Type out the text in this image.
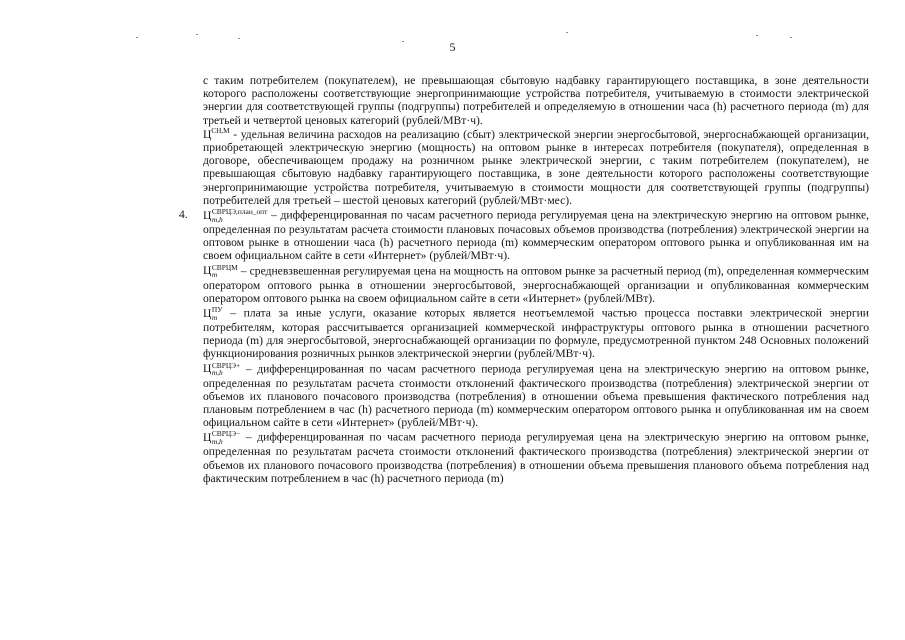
5

с таким потребителем (покупателем), не превышающая сбытовую надбавку гарантирующего поставщика, в зоне деятельности которого расположены соответствующие энергопринимающие устройства потребителя, учитываемую в стоимости электрической энергии для соответствующей группы (подгруппы) потребителей и определяемую в отношении часа (h) расчетного периода (m) для третьей и четвертой ценовых категорий (рублей/МВт·ч).

$Ц^{СН,М}$ - удельная величина расходов на реализацию (сбыт) электрической энергии энергосбытовой, энергоснабжающей организации, приобретающей электрическую энергию (мощность) на оптовом рынке в интересах потребителя (покупателя), определенная в договоре, обеспечивающем продажу на розничном рынке электрической энергии, с таким потребителем (покупателем), не превышающая сбытовую надбавку гарантирующего поставщика, в зоне деятельности которого расположены соответствующие энергопринимающие устройства потребителя, учитываемую в стоимости мощности для соответствующей группы (подгруппы) потребителей для третьей – шестой ценовых категорий (рублей/МВт·мес).

4. Ц СВРЦЭ,план_опт
m,h	– дифференцированная по часам расчетного периода регулируемая цена на электрическую энергию на оптовом рынке, определенная по результатам расчета стоимости плановых почасовых объемов производства (потребления) электрической энергии на оптовом рынке в отношении часа (h) расчетного периода (m) коммерческим оператором оптового рынка и опубликованная им на своем официальном сайте в сети «Интернет» (рублей/МВт·ч).

Ц СВРЦМ
m	– средневзвешенная регулируемая цена на мощность на оптовом рынке за расчетный период (m), определенная коммерческим оператором оптового рынка в отношении энергосбытовой, энергоснабжающей организации и опубликованная коммерческим оператором оптового рынка на своем официальном сайте в сети «Интернет» (рублей/МВт).

Ц ПУ
m – плата за иные услуги, оказание которых является неотъемлемой частью процесса поставки электрической энергии потребителям, которая рассчитывается организацией коммерческой инфраструктуры оптового рынка в отношении расчетного периода (m) для энергосбытовой, энергоснабжающей организации по формуле, предусмотренной пунктом 248 Основных положений функционирования розничных рынков электрической энергии (рублей/МВт·ч).

Ц СВРЦЭ+
m,h	– дифференцированная по часам расчетного периода регулируемая цена на электрическую энергию на оптовом рынке, определенная по результатам расчета стоимости отклонений фактического производства (потребления) электрической энергии от объемов их планового почасового производства (потребления) в отношении объема превышения фактического потребления над плановым потреблением в час (h) расчетного периода (m) коммерческим оператором оптового рынка и опубликованная им на своем официальном сайте в сети «Интернет» (рублей/МВт·ч).

Ц СВРЦЭ−
m,h	– дифференцированная по часам расчетного периода регулируемая цена на электрическую энергию на оптовом рынке, определенная по результатам расчета стоимости отклонений фактического производства (потребления) электрической энергии от объемов их планового почасового производства (потребления) в отношении объема превышения планового объема потребления над фактическим потреблением в час (h) расчетного периода (m)
